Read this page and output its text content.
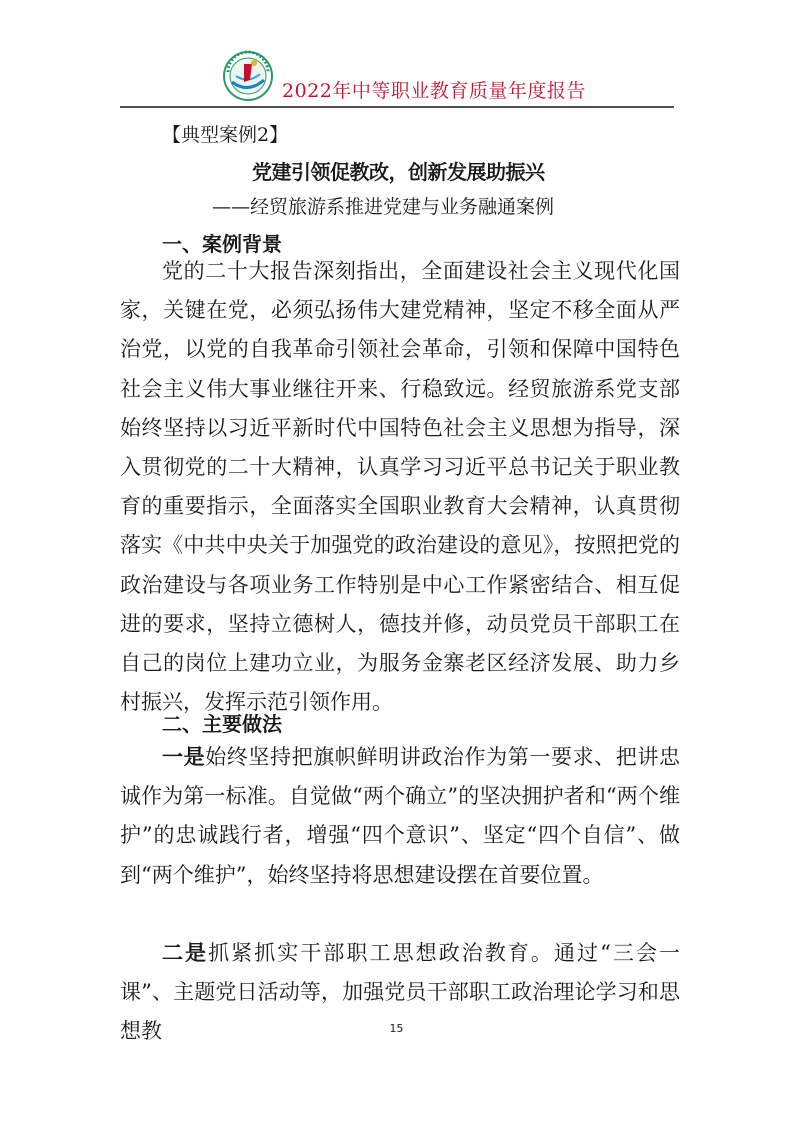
2022年中等职业教育质量年度报告
【典型案例2】
党建引领促教改，创新发展助振兴
——经贸旅游系推进党建与业务融通案例
一、案例背景

党的二十大报告深刻指出，全面建设社会主义现代化国家，关键在党，必须弘扬伟大建党精神，坚定不移全面从严治党，以党的自我革命引领社会革命，引领和保障中国特色社会主义伟大事业继往开来、行稳致远。经贸旅游系党支部始终坚持以习近平新时代中国特色社会主义思想为指导，深入贯彻党的二十大精神，认真学习习近平总书记关于职业教育的重要指示，全面落实全国职业教育大会精神，认真贯彻落实《中共中央关于加强党的政治建设的意见》，按照把党的政治建设与各项业务工作特别是中心工作紧密结合、相互促进的要求，坚持立德树人，德技并修，动员党员干部职工在自己的岗位上建功立业，为服务金寨老区经济发展、助力乡村振兴，发挥示范引领作用。

二、主要做法

一是始终坚持把旗帜鲜明讲政治作为第一要求、把讲忠诚作为第一标准。自觉做“两个确立”的坚决拥护者和“两个维护”的忠诚践行者，增强“四个意识”、坚定“四个自信”、做到“两个维护”，始终坚持将思想建设摆在首要位置。

二是抓紧抓实干部职工思想政治教育。通过“三会一课”、主题党日活动等，加强党员干部职工政治理论学习和思想教	15
